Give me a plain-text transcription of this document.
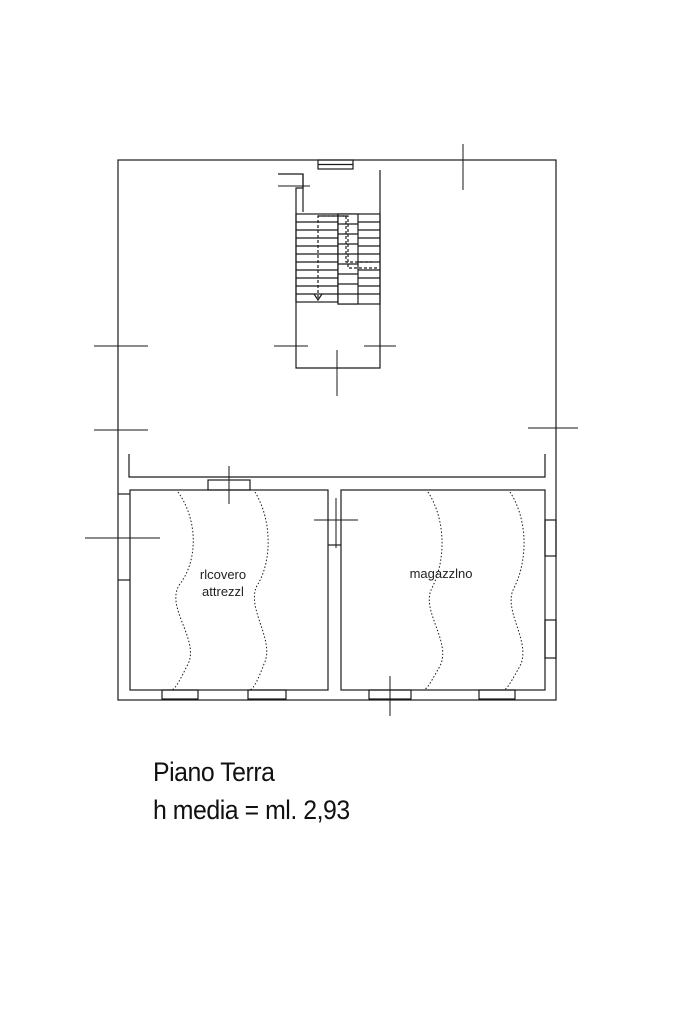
rlcovero
attrezzl
magazzlno
Piano Terra
h media = ml. 2,93
